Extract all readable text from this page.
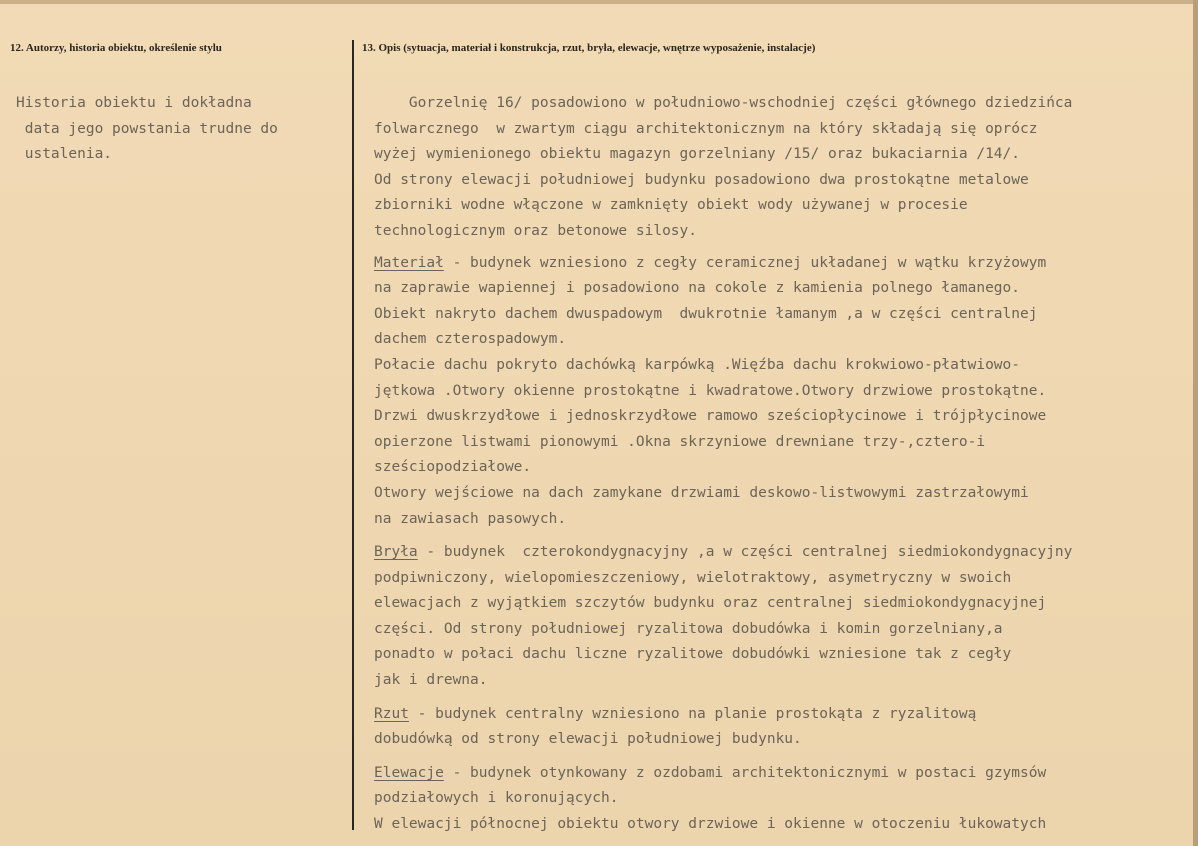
12. Autorzy, historia obiektu, określenie stylu	13. Opis (sytuacja, materiał i konstrukcja, rzut, bryła, elewacje, wnętrze wyposażenie, instalacje)

Historia obiektu i dokładna

data jego powstania trudne do

ustalenia.

Gorzelnię 16/ posadowiono w południowo-wschodniej części głównego dziedzińca

folwarcznego  w zwartym ciągu architektonicznym na który składają się oprócz

wyżej wymienionego obiektu magazyn gorzelniany /15/ oraz bukaciarnia /14/.

Od strony elewacji południowej budynku posadowiono dwa prostokątne metalowe

zbiorniki wodne włączone w zamknięty obiekt wody używanej w procesie

technologicznym oraz betonowe silosy.

Materiał - budynek wzniesiono z cegły ceramicznej układanej w wątku krzyżowym

na zaprawie wapiennej i posadowiono na cokole z kamienia polnego łamanego.

Obiekt nakryto dachem dwuspadowym  dwukrotnie łamanym ,a w części centralnej

dachem czterospadowym.

Połacie dachu pokryto dachówką karpówką .Więźba dachu krokwiowo-płatwiowo-

jętkowa .Otwory okienne prostokątne i kwadratowe.Otwory drzwiowe prostokątne.

Drzwi dwuskrzydłowe i jednoskrzydłowe ramowo sześciopłycinowe i trójpłycinowe

opierzone listwami pionowymi .Okna skrzyniowe drewniane trzy-,cztero-i

sześciopodziałowe.

Otwory wejściowe na dach zamykane drzwiami deskowo-listwowymi zastrzałowymi

na zawiasach pasowych.

Bryła - budynek  czterokondygnacyjny ,a w części centralnej siedmiokondygnacyjny

podpiwniczony, wielopomieszczeniowy, wielotraktowy, asymetryczny w swoich

elewacjach z wyjątkiem szczytów budynku oraz centralnej siedmiokondygnacyjnej

części. Od strony południowej ryzalitowa dobudówka i komin gorzelniany,a

ponadto w połaci dachu liczne ryzalitowe dobudówki wzniesione tak z cegły

jak i drewna.

Rzut - budynek centralny wzniesiono na planie prostokąta z ryzalitową

dobudówką od strony elewacji południowej budynku.

Elewacje - budynek otynkowany z ozdobami architektonicznymi w postaci gzymsów

podziałowych i koronujących.

W elewacji północnej obiektu otwory drzwiowe i okienne w otoczeniu łukowatych
